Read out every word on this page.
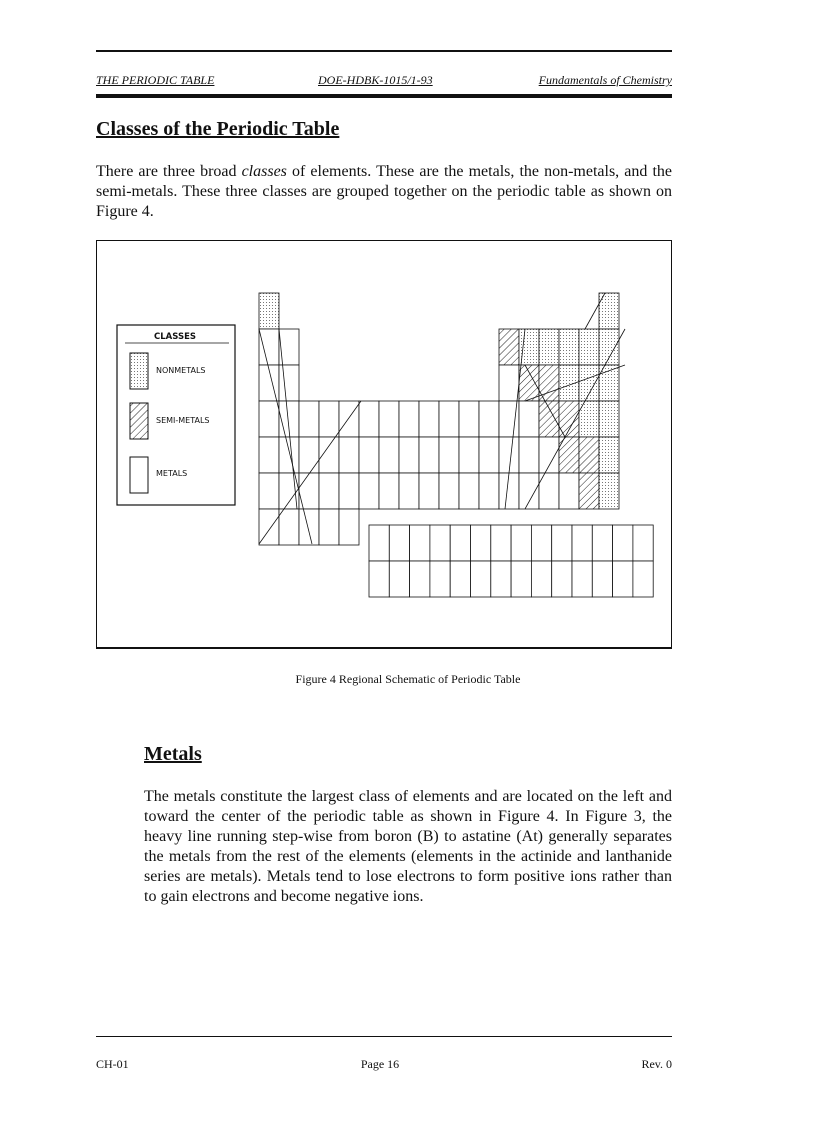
THE PERIODIC TABLE	DOE-HDBK-1015/1-93	Fundamentals of Chemistry
Classes of the Periodic Table

There are three broad classes of elements. These are the metals, the non-metals, and the semi-metals. These three classes are grouped together on the periodic table as shown on Figure 4.

CLASSES
NONMETALS
SEMI-METALS
METALS
Figure 4 Regional Schematic of Periodic Table
Metals

The metals constitute the largest class of elements and are located on the left and toward the center of the periodic table as shown in Figure 4. In Figure 3, the heavy line running step-wise from boron (B) to astatine (At) generally separates the metals from the rest of the elements (elements in the actinide and lanthanide series are metals). Metals tend to lose electrons to form positive ions rather than to gain electrons and become negative ions.

CH-01	Page 16	Rev. 0
